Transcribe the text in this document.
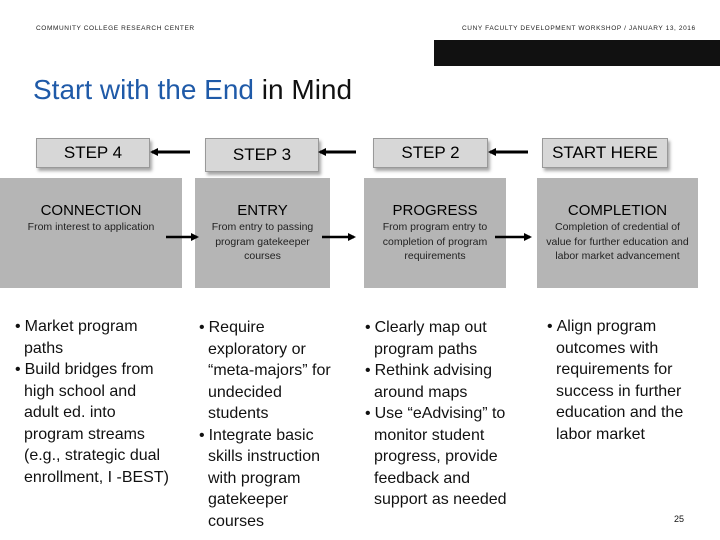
COMMUNITY COLLEGE RESEARCH CENTER	CUNY FACULTY DEVELOPMENT WORKSHOP / JANUARY 13, 2016
Start with the End in Mind
STEP 4	STEP 3	STEP 2	START HERE
CONNECTION
From interest to application
ENTRY
From entry to passing program gatekeeper courses
PROGRESS
From program entry to completion of program requirements
COMPLETION
Completion of credential of value for further education and labor market advancement
• Market program paths
• Build bridges from high school and adult ed. into program streams (e.g., strategic dual enrollment, I -BEST)
• Require exploratory or “meta-majors” for undecided students
• Integrate basic skills instruction with program gatekeeper courses
• Clearly map out program paths
• Rethink advising around maps
• Use “eAdvising” to monitor student progress, provide feedback and support as needed
• Align program outcomes with requirements for success in further education and the labor market
25
